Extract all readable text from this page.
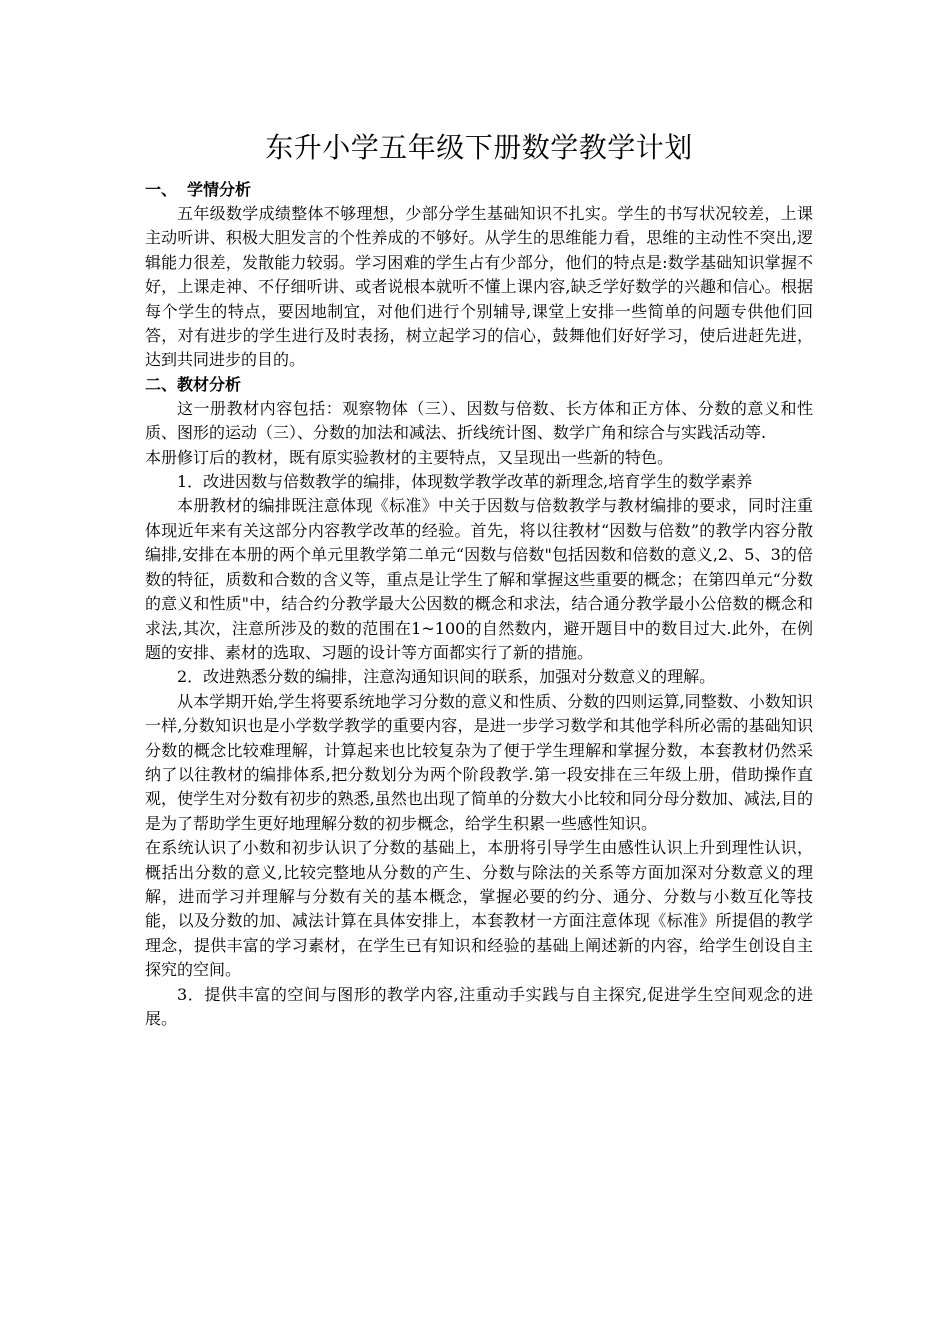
东升小学五年级下册数学教学计划
一、 学情分析

五年级数学成绩整体不够理想，少部分学生基础知识不扎实。学生的书写状况较差，上课主动听讲、积极大胆发言的个性养成的不够好。从学生的思维能力看，思维的主动性不突出,逻辑能力很差，发散能力较弱。学习困难的学生占有少部分，他们的特点是:数学基础知识掌握不好，上课走神、不仔细听讲、或者说根本就听不懂上课内容,缺乏学好数学的兴趣和信心。根据每个学生的特点，要因地制宜，对他们进行个别辅导,课堂上安排一些简单的问题专供他们回答，对有进步的学生进行及时表扬，树立起学习的信心，鼓舞他们好好学习，使后进赶先进，达到共同进步的目的。

二、教材分析

这一册教材内容包括：观察物体（三）、因数与倍数、长方体和正方体、分数的意义和性质、图形的运动（三）、分数的加法和减法、折线统计图、数学广角和综合与实践活动等.

本册修订后的教材，既有原实验教材的主要特点，又呈现出一些新的特色。

1．改进因数与倍数教学的编排，体现数学教学改革的新理念,培育学生的数学素养

本册教材的编排既注意体现《标准》中关于因数与倍数教学与教材编排的要求，同时注重体现近年来有关这部分内容教学改革的经验。首先，将以往教材“因数与倍数”的教学内容分散编排,安排在本册的两个单元里教学第二单元“因数与倍数"包括因数和倍数的意义,2、5、3的倍数的特征，质数和合数的含义等，重点是让学生了解和掌握这些重要的概念；在第四单元“分数的意义和性质"中，结合约分教学最大公因数的概念和求法，结合通分教学最小公倍数的概念和求法,其次，注意所涉及的数的范围在1~100的自然数内，避开题目中的数目过大.此外，在例题的安排、素材的选取、习题的设计等方面都实行了新的措施。

2．改进熟悉分数的编排，注意沟通知识间的联系，加强对分数意义的理解。

从本学期开始,学生将要系统地学习分数的意义和性质、分数的四则运算,同整数、小数知识一样,分数知识也是小学数学教学的重要内容，是进一步学习数学和其他学科所必需的基础知识分数的概念比较难理解，计算起来也比较复杂为了便于学生理解和掌握分数，本套教材仍然采纳了以往教材的编排体系,把分数划分为两个阶段教学.第一段安排在三年级上册，借助操作直观，使学生对分数有初步的熟悉,虽然也出现了简单的分数大小比较和同分母分数加、减法,目的是为了帮助学生更好地理解分数的初步概念，给学生积累一些感性知识。

在系统认识了小数和初步认识了分数的基础上，本册将引导学生由感性认识上升到理性认识，概括出分数的意义,比较完整地从分数的产生、分数与除法的关系等方面加深对分数意义的理解，进而学习并理解与分数有关的基本概念，掌握必要的约分、通分、分数与小数互化等技能，以及分数的加、减法计算在具体安排上，本套教材一方面注意体现《标准》所提倡的教学理念，提供丰富的学习素材，在学生已有知识和经验的基础上阐述新的内容，给学生创设自主探究的空间。

3．提供丰富的空间与图形的教学内容,注重动手实践与自主探究,促进学生空间观念的进展。
